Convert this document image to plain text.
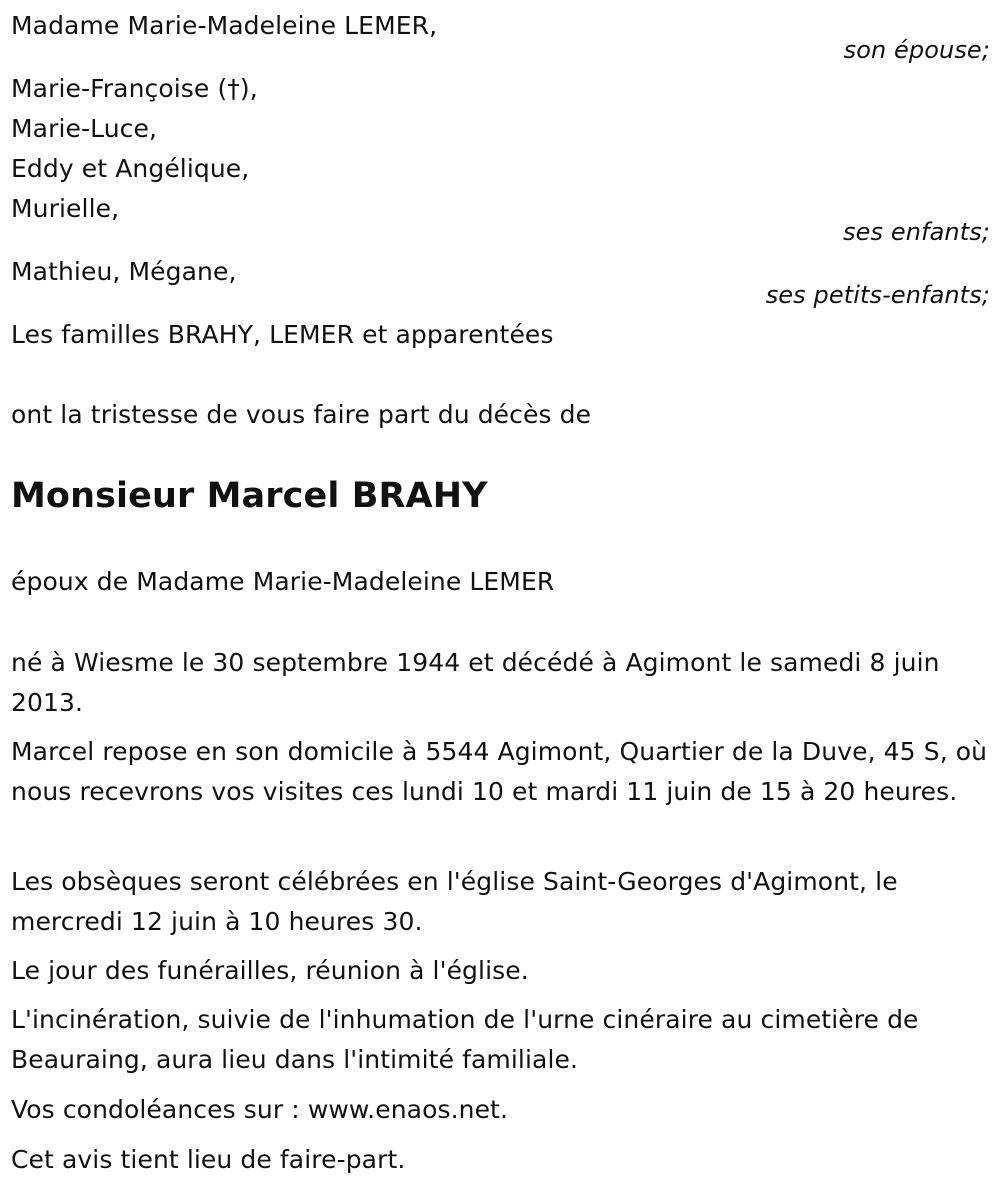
Madame Marie-Madeleine LEMER,
son épouse;
Marie-Françoise (†),
Marie-Luce,
Eddy et Angélique,
Murielle,
ses enfants;
Mathieu, Mégane,
ses petits-enfants;
Les familles BRAHY, LEMER et apparentées
ont la tristesse de vous faire part du décès de
Monsieur Marcel BRAHY
époux de Madame Marie-Madeleine LEMER
né à Wiesme le 30 septembre 1944 et décédé à Agimont le samedi 8 juin 2013.
Marcel repose en son domicile à 5544 Agimont, Quartier de la Duve, 45 S, où nous recevrons vos visites ces lundi 10 et mardi 11 juin de 15 à 20 heures.
Les obsèques seront célébrées en l'église Saint-Georges d'Agimont, le mercredi 12 juin à 10 heures 30.
Le jour des funérailles, réunion à l'église.
L'incinération, suivie de l'inhumation de l'urne cinéraire au cimetière de Beauraing, aura lieu dans l'intimité familiale.
Vos condoléances sur : www.enaos.net.
Cet avis tient lieu de faire-part.
